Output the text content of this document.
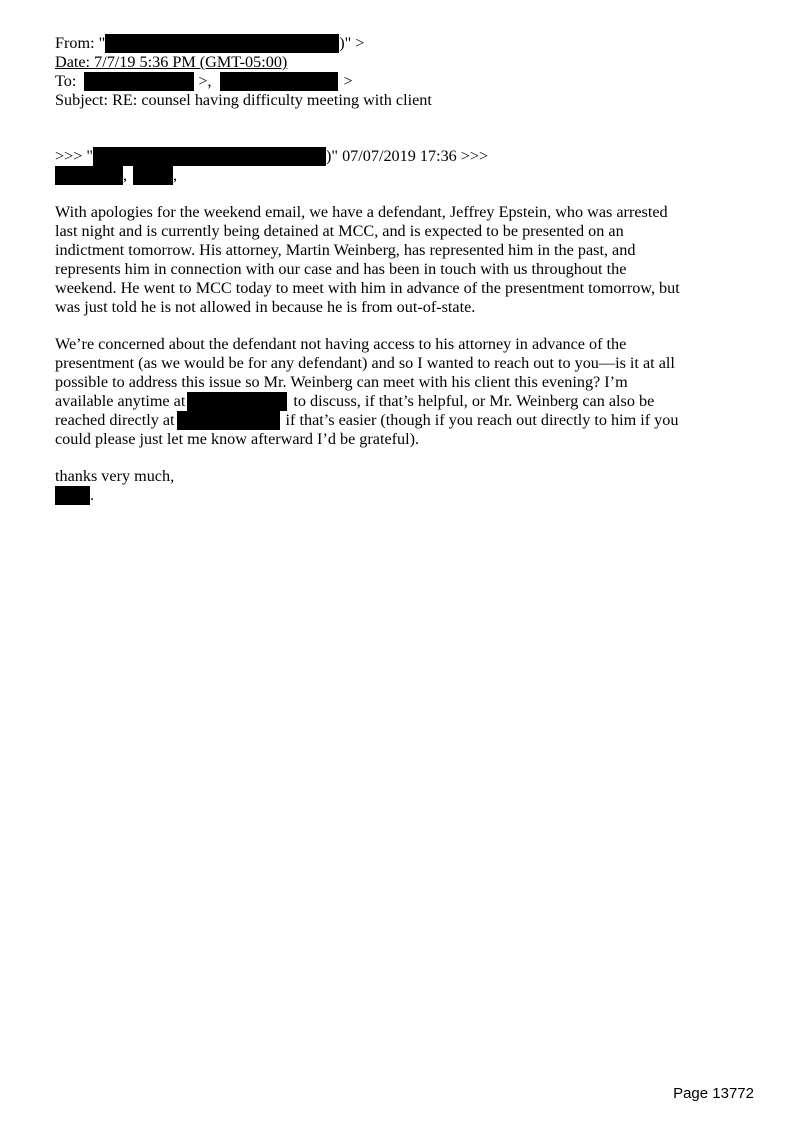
From: "	)" >

Date: 7/7/19 5:36 PM (GMT-05:00)

To:	>,	>

Subject: RE: counsel having difficulty meeting with client

>>> "	)" 07/07/2019 17:36 >>>

,	,

With apologies for the weekend email, we have a defendant, Jeffrey Epstein, who was arrested
last night and is currently being detained at MCC, and is expected to be presented on an
indictment tomorrow. His attorney, Martin Weinberg, has represented him in the past, and
represents him in connection with our case and has been in touch with us throughout the
weekend. He went to MCC today to meet with him in advance of the presentment tomorrow, but
was just told he is not allowed in because he is from out-of-state.
We’re concerned about the defendant not having access to his attorney in advance of the
presentment (as we would be for any defendant) and so I wanted to reach out to you—is it at all
possible to address this issue so Mr. Weinberg can meet with his client this evening? I’m
available anytime at	to discuss, if that’s helpful, or Mr. Weinberg can also be
reached directly at	if that’s easier (though if you reach out directly to him if you
could please just let me know afterward I’d be grateful).

thanks very much,

.

Page 13772
